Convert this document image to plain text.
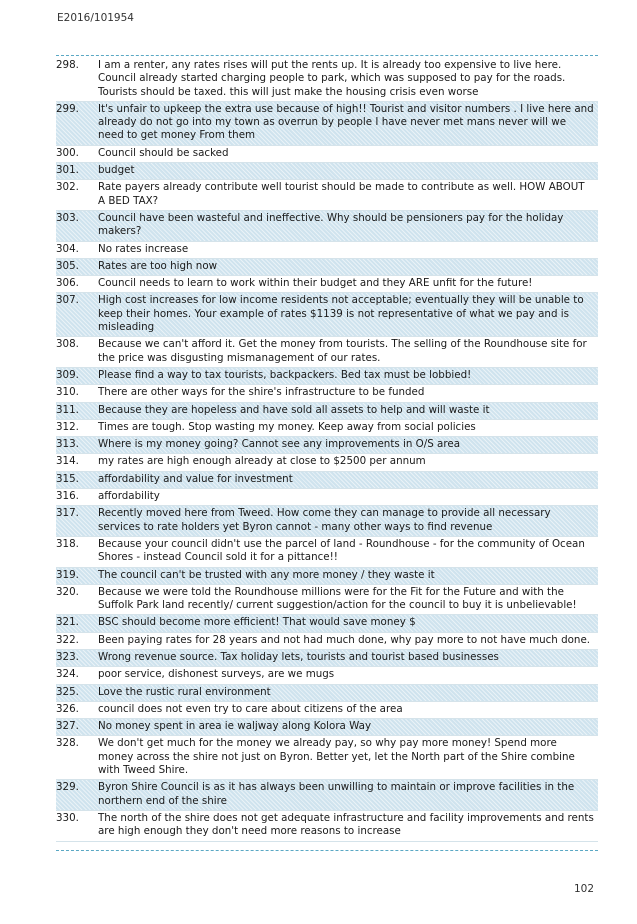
E2016/101954
298.	I am a renter, any rates rises will put the rents up. It is already too expensive to live here. Council already started charging people to park, which was supposed to pay for the roads. Tourists should be taxed. this will just make the housing crisis even worse
299.	It's unfair to upkeep the extra use because of high!! Tourist and visitor numbers . I live here and already do not go into my town as overrun by people I have never met mans never will we need to get money From them
300.	Council should be sacked
301.	budget
302.	Rate payers already contribute well tourist should be made to contribute as well. HOW ABOUT A BED TAX?
303.	Council have been wasteful and ineffective. Why should be pensioners pay for the holiday makers?
304.	No rates increase
305.	Rates are too high now
306.	Council needs to learn to work within their budget and they ARE unfit for the future!
307.	High cost increases for low income residents not acceptable; eventually they will be unable to keep their homes. Your example of rates $1139 is not representative of what we pay and is misleading
308.	Because we can't afford it. Get the money from tourists. The selling of the Roundhouse site for the price was disgusting mismanagement of our rates.
309.	Please find a way to tax tourists, backpackers. Bed tax must be lobbied!
310.	There are other ways for the shire's infrastructure to be funded
311.	Because they are hopeless and have sold all assets to help and will waste it
312.	Times are tough. Stop wasting my money. Keep away from social policies
313.	Where is my money going? Cannot see any improvements in O/S area
314.	my rates are high enough already at close to $2500 per annum
315.	affordability and value for investment
316.	affordability
317.	Recently moved here from Tweed. How come they can manage to provide all necessary services to rate holders yet Byron cannot - many other ways to find revenue
318.	Because your council didn't use the parcel of land - Roundhouse - for the community of Ocean Shores - instead Council sold it for a pittance!!
319.	The council can't be trusted with any more money / they waste it
320.	Because we were told the Roundhouse millions were for the Fit for the Future and with the Suffolk Park land recently/ current suggestion/action for the council to buy it is unbelievable!
321.	BSC should become more efficient! That would save money $
322.	Been paying rates for 28 years and not had much done, why pay more to not have much done.
323.	Wrong revenue source. Tax holiday lets, tourists and tourist based businesses
324.	poor service, dishonest surveys, are we mugs
325.	Love the rustic rural environment
326.	council does not even try to care about citizens of the area
327.	No money spent in area ie waljway along Kolora Way
328.	We don't get much for the money we already pay, so why pay more money! Spend more money across the shire not just on Byron. Better yet, let the North part of the Shire combine with Tweed Shire.
329.	Byron Shire Council is as it has always been unwilling to maintain or improve facilities in the northern end of the shire
330.	The north of the shire does not get adequate infrastructure and facility improvements and rents are high enough they don't need more reasons to increase
102
